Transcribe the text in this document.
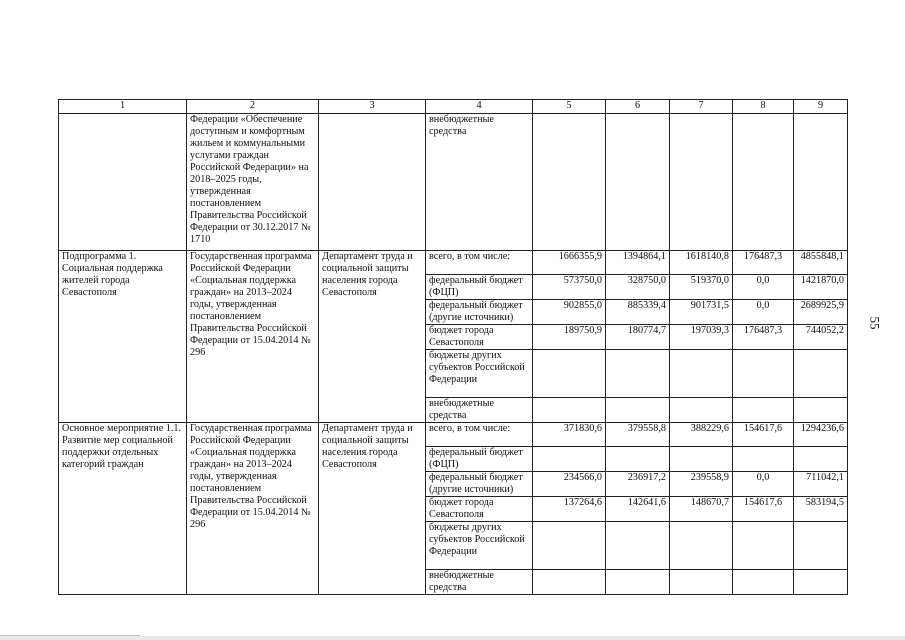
55
1	2	3	4	5	6	7	8	9
	Федерации «Обеспечение доступным и комфортным жильем и коммунальными услугами граждан Российской Федерации» на 2018–2025 годы, утвержденная постановлением Правительства Российской Федерации от 30.12.2017 № 1710		внебюджетные средства					
Подпрограмма 1. Социальная поддержка жителей города Севастополя	Государственная программа Российской Федерации «Социальная поддержка граждан» на 2013–2024 годы, утвержденная постановлением Правительства Российской Федерации от 15.04.2014 № 296	Департамент труда и социальной защиты населения города Севастополя	всего, в том числе:	1666355,9	1394864,1	1618140,8	176487,3	4855848,1
			федеральный бюджет (ФЦП)	573750,0	328750,0	519370,0	0,0	1421870,0
			федеральный бюджет (другие источники)	902855,0	885339,4	901731,5	0,0	2689925,9
			бюджет города Севастополя	189750,9	180774,7	197039,3	176487,3	744052,2
			бюджеты других субъектов Российской Федерации					
			внебюджетные средства					
Основное мероприятие 1.1. Развитие мер социальной поддержки отдельных категорий граждан	Государственная программа Российской Федерации «Социальная поддержка граждан» на 2013–2024 годы, утвержденная постановлением Правительства Российской Федерации от 15.04.2014 № 296	Департамент труда и социальной защиты населения города Севастополя	всего, в том числе:	371830,6	379558,8	388229,6	154617,6	1294236,6
			федеральный бюджет (ФЦП)					
			федеральный бюджет (другие источники)	234566,0	236917,2	239558,9	0,0	711042,1
			бюджет города Севастополя	137264,6	142641,6	148670,7	154617,6	583194,5
			бюджеты других субъектов Российской Федерации					
			внебюджетные средства					
